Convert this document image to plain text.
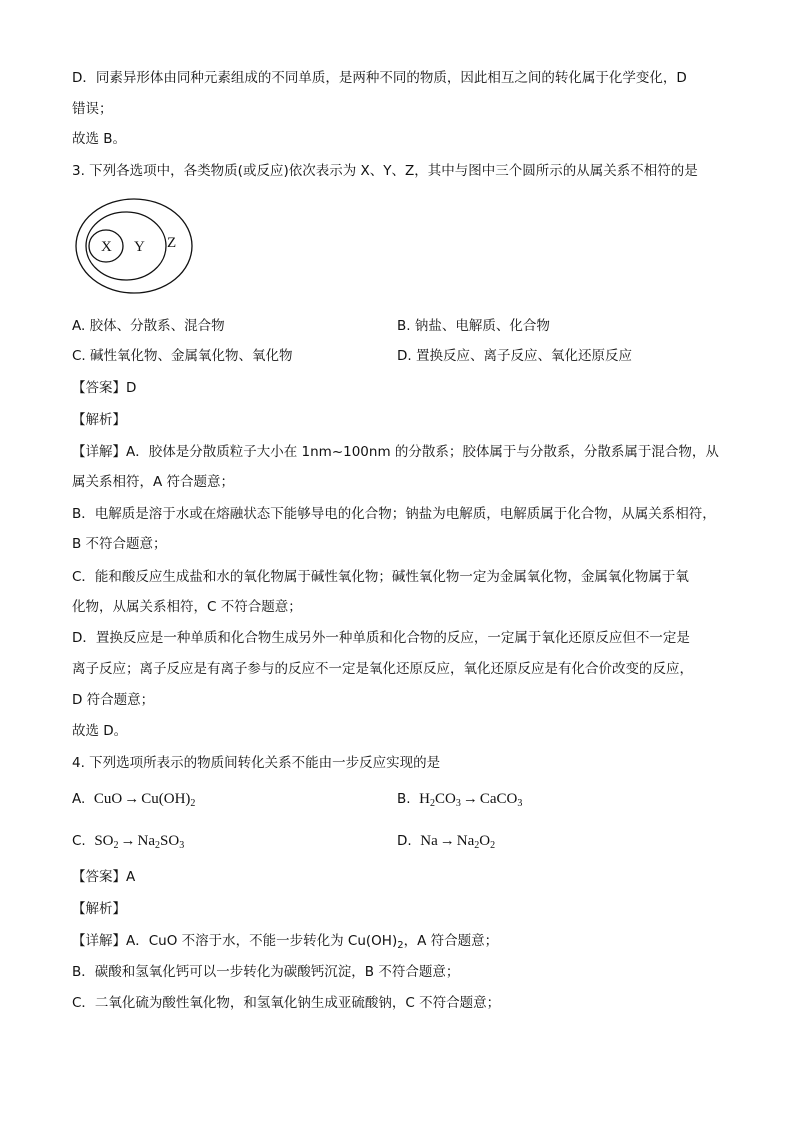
D．同素异形体由同种元素组成的不同单质，是两种不同的物质，因此相互之间的转化属于化学变化，D
错误；
故选 B。
3. 下列各选项中，各类物质(或反应)依次表示为 X、Y、Z，其中与图中三个圆所示的从属关系不相符的是
X Y Z
A. 胶体、分散系、混合物	B. 钠盐、电解质、化合物
C. 碱性氧化物、金属氧化物、氧化物	D. 置换反应、离子反应、氧化还原反应
【答案】D
【解析】
【详解】A．胶体是分散质粒子大小在 1nm~100nm 的分散系；胶体属于与分散系，分散系属于混合物，从
属关系相符，A 符合题意；
B．电解质是溶于水或在熔融状态下能够导电的化合物；钠盐为电解质，电解质属于化合物，从属关系相符，
B 不符合题意；
C．能和酸反应生成盐和水的氧化物属于碱性氧化物；碱性氧化物一定为金属氧化物，金属氧化物属于氧
化物，从属关系相符，C 不符合题意；
D．置换反应是一种单质和化合物生成另外一种单质和化合物的反应，一定属于氧化还原反应但不一定是
离子反应；离子反应是有离子参与的反应不一定是氧化还原反应，氧化还原反应是有化合价改变的反应，
D 符合题意；
故选 D。
4. 下列选项所表示的物质间转化关系不能由一步反应实现的是
A. CuO → $Cu(OH)_2$	B. $H_2CO_3$ → CaCO$_3$
C. $SO_2 \to Na_2SO_3$	D. $Na \to Na_2O_2$
【答案】A
【解析】
【详解】A．CuO 不溶于水，不能一步转化为 $Cu(OH)_2$，A 符合题意；
B．碳酸和氢氧化钙可以一步转化为碳酸钙沉淀，B 不符合题意；
C．二氧化硫为酸性氧化物，和氢氧化钠生成亚硫酸钠，C 不符合题意；
